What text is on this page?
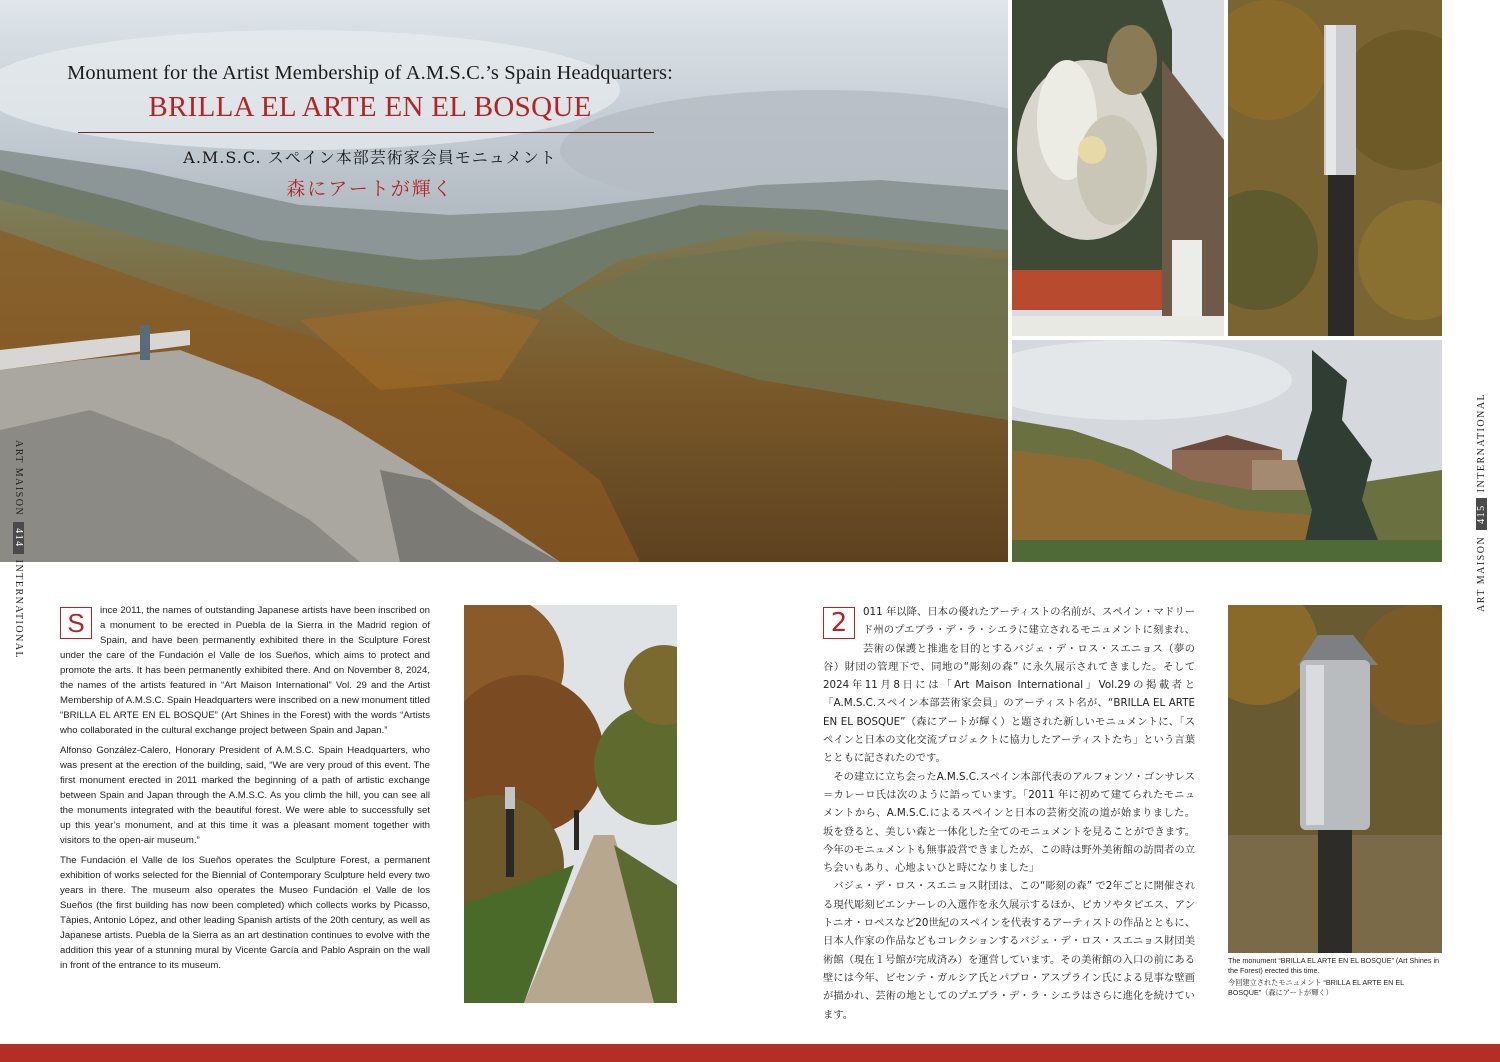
Monument for the Artist Membership of A.M.S.C.’s Spain Headquarters:
BRILLA EL ARTE EN EL BOSQUE
A.M.S.C. スペイン本部芸術家会員モニュメント
森にアートが輝く
ART MAISON414INTERNATIONAL	ART MAISON415INTERNATIONAL

S	ince 2011, the names of outstanding Japanese artists have been inscribed on a monument to be erected in Puebla de la Sierra in the Madrid region of Spain, and have been permanently exhibited there in the Sculpture Forest under the care of the Fundación el Valle de los Sueños, which aims to protect and promote the arts. It has been permanently exhibited there. And on November 8, 2024, the names of the artists featured in “Art Maison International” Vol. 29 and the Artist Membership of A.M.S.C. Spain Headquarters were inscribed on a new monument titled “BRILLA EL ARTE EN EL BOSQUE” (Art Shines in the Forest) with the words “Artists who collaborated in the cultural exchange project between Spain and Japan.”

Alfonso González-Calero, Honorary President of A.M.S.C. Spain Headquarters, who was present at the erection of the building, said, “We are very proud of this event. The first monument erected in 2011 marked the beginning of a path of artistic exchange between Spain and Japan through the A.M.S.C. As you climb the hill, you can see all the monuments integrated with the beautiful forest. We were able to successfully set up this year’s monument, and at this time it was a pleasant moment together with visitors to the open-air museum.”

The Fundación el Valle de los Sueños operates the Sculpture Forest, a permanent exhibition of works selected for the Biennial of Contemporary Sculpture held every two years in there. The museum also operates the Museo Fundación el Valle de los Sueños (the first building has now been completed) which collects works by Picasso, Tàpies, Antonio López, and other leading Spanish artists of the 20th century, as well as Japanese artists. Puebla de la Sierra as an art destination continues to evolve with the addition this year of a stunning mural by Vicente García and Pablo Asprain on the wall in front of the entrance to its museum.

2	011 年以降、日本の優れたアーティストの名前が、スペイン・マドリード州のプエブラ・デ・ラ・シエラに建立されるモニュメントに刻まれ、芸術の保護と推進を目的とするバジェ・デ・ロス・スエニョス（夢の谷）財団の管理下で、同地の“彫刻の森” に永久展示されてきました。そして2024年11月8日には「Art Maison International」Vol.29の掲載者と「A.M.S.C.スペイン本部芸術家会員」のアーティスト名が、“BRILLA EL ARTE EN EL BOSQUE”（森にアートが輝く）と題された新しいモニュメントに、「スペインと日本の文化交流プロジェクトに協力したアーティストたち」という言葉とともに記されたのです。

その建立に立ち会ったA.M.S.C.スペイン本部代表のアルフォンソ・ゴンサレス＝カレーロ氏は次のように語っています。「2011 年に初めて建てられたモニュメントから、A.M.S.C.によるスペインと日本の芸術交流の道が始まりました。坂を登ると、美しい森と一体化した全てのモニュメントを見ることができます。今年のモニュメントも無事設営できましたが、この時は野外美術館の訪問者の立ち会いもあり、心地よいひと時になりました」

バジェ・デ・ロス・スエニョス財団は、この“彫刻の森” で2年ごとに開催される現代彫刻ビエンナーレの入選作を永久展示するほか、ピカソやタピエス、アントニオ・ロペスなど20世紀のスペインを代表するアーティストの作品とともに、日本人作家の作品などもコレクションするバジェ・デ・ロス・スエニョス財団美術館（現在１号館が完成済み）を運営しています。その美術館の入口の前にある壁には今年、ビセンテ・ガルシア氏とパブロ・アスプライン氏による見事な壁画が描かれ、芸術の地としてのプエブラ・デ・ラ・シエラはさらに進化を続けています。

The monument “BRILLA EL ARTE EN EL BOSQUE” (Art Shines in the Forest) erected this time.

今回建立されたモニュメント “BRILLA EL ARTE EN EL BOSQUE”（森にアートが輝く）
